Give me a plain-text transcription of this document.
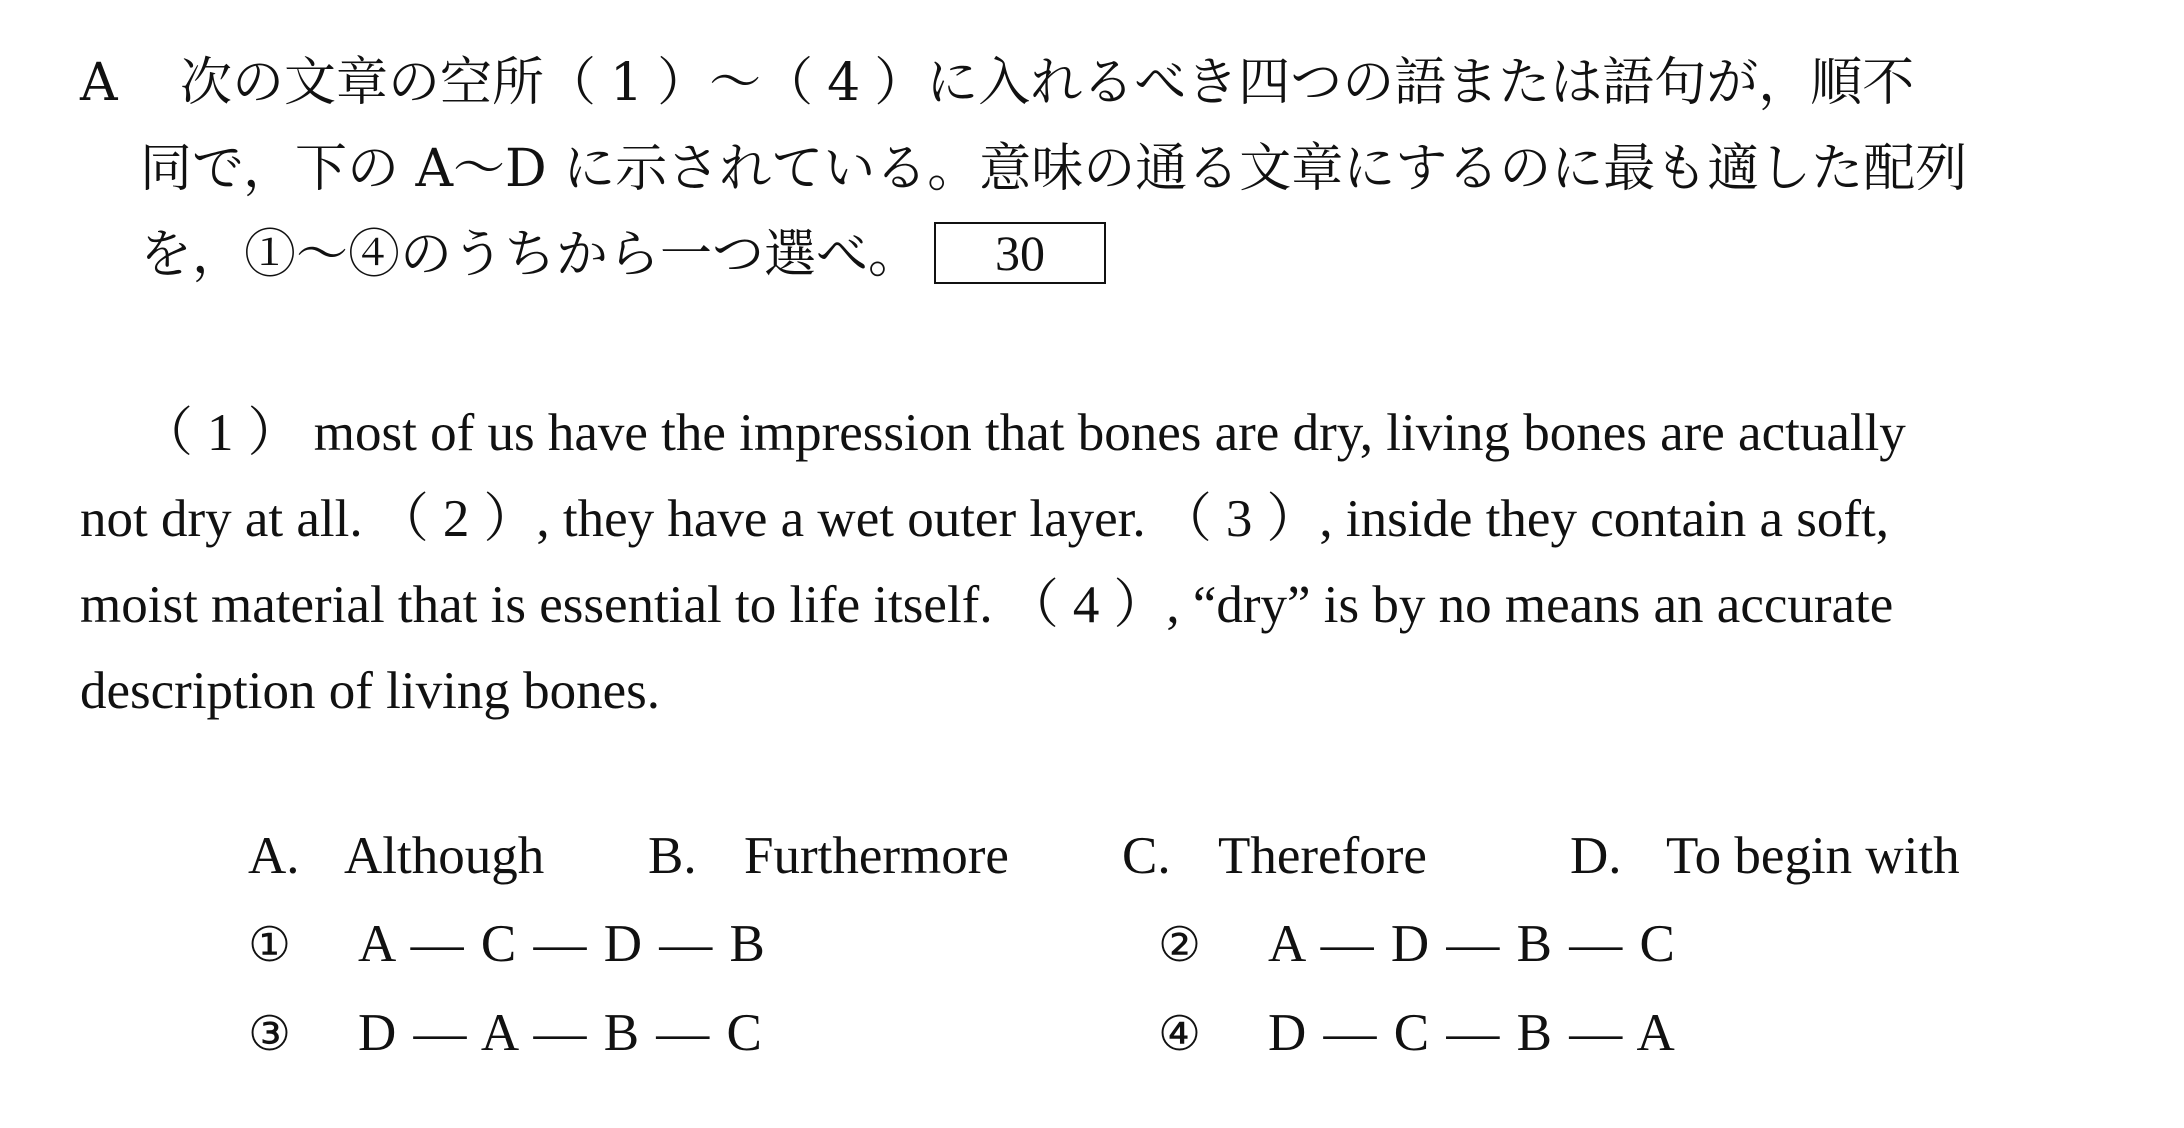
A 次の文章の空所（ 1 ）～（ 4 ）に入れるべき四つの語または語句が，順不
同で，下の A～D に示されている。意味の通る文章にするのに最も適した配列
を，①～④のうちから一つ選べ。 30
（ 1 ） most of us have the impression that bones are dry, living bones are actually
not dry at all. （ 2 ）, they have a wet outer layer. （ 3 ）, inside they contain a soft,
moist material that is essential to life itself. （ 4 ）, “dry” is by no means an accurate
description of living bones.
A. Although	B. Furthermore	C. Therefore	D. To begin with
① A — C — D — B	② A — D — B — C
③ D — A — B — C	④ D — C — B — A
